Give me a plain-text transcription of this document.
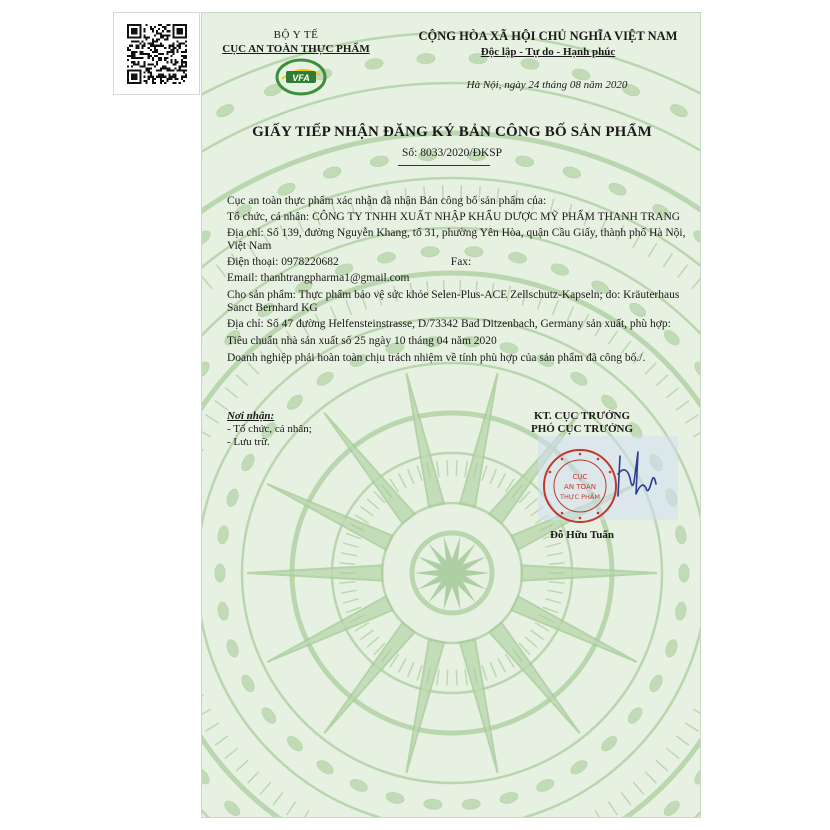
BỘ Y TẾ
CỤC AN TOÀN THỰC PHẨM
VFA
CỘNG HÒA XÃ HỘI CHỦ NGHĨA VIỆT NAM
Độc lập - Tự do - Hạnh phúc
Hà Nội, ngày 24 tháng 08 năm 2020
GIẤY TIẾP NHẬN ĐĂNG KÝ BẢN CÔNG BỐ SẢN PHẨM
Số: 8033/2020/ĐKSP

Cục an toàn thực phẩm xác nhận đã nhận Bản công bố sản phẩm của:

Tổ chức, cá nhân: CÔNG TY TNHH XUẤT NHẬP KHẨU DƯỢC MỸ PHẨM THANH TRANG

Địa chỉ: Số 139, đường Nguyễn Khang, tổ 31, phường Yên Hòa, quận Cầu Giấy, thành phố Hà Nội, Việt Nam

Điện thoại: 0978220682	Fax:

Email: thanhtrangpharma1@gmail.com

Cho sản phẩm: Thực phẩm bảo vệ sức khỏe Selen-Plus-ACE Zellschutz-Kapseln; do: Kräuterhaus Sanct Bernhard KG

Địa chỉ: Số 47 đường Helfensteinstrasse, D/73342 Bad Ditzenbach, Germany sản xuất, phù hợp:

Tiêu chuẩn nhà sản xuất số 25 ngày 10 tháng 04 năm 2020

Doanh nghiệp phải hoàn toàn chịu trách nhiệm về tính phù hợp của sản phẩm đã công bố./.

Nơi nhận:
- Tổ chức, cá nhân;
- Lưu trữ.
KT. CỤC TRƯỞNG
PHÓ CỤC TRƯỞNG
CỤC
AN TOÀN
THỰC PHẨM
Đỗ Hữu Tuấn
